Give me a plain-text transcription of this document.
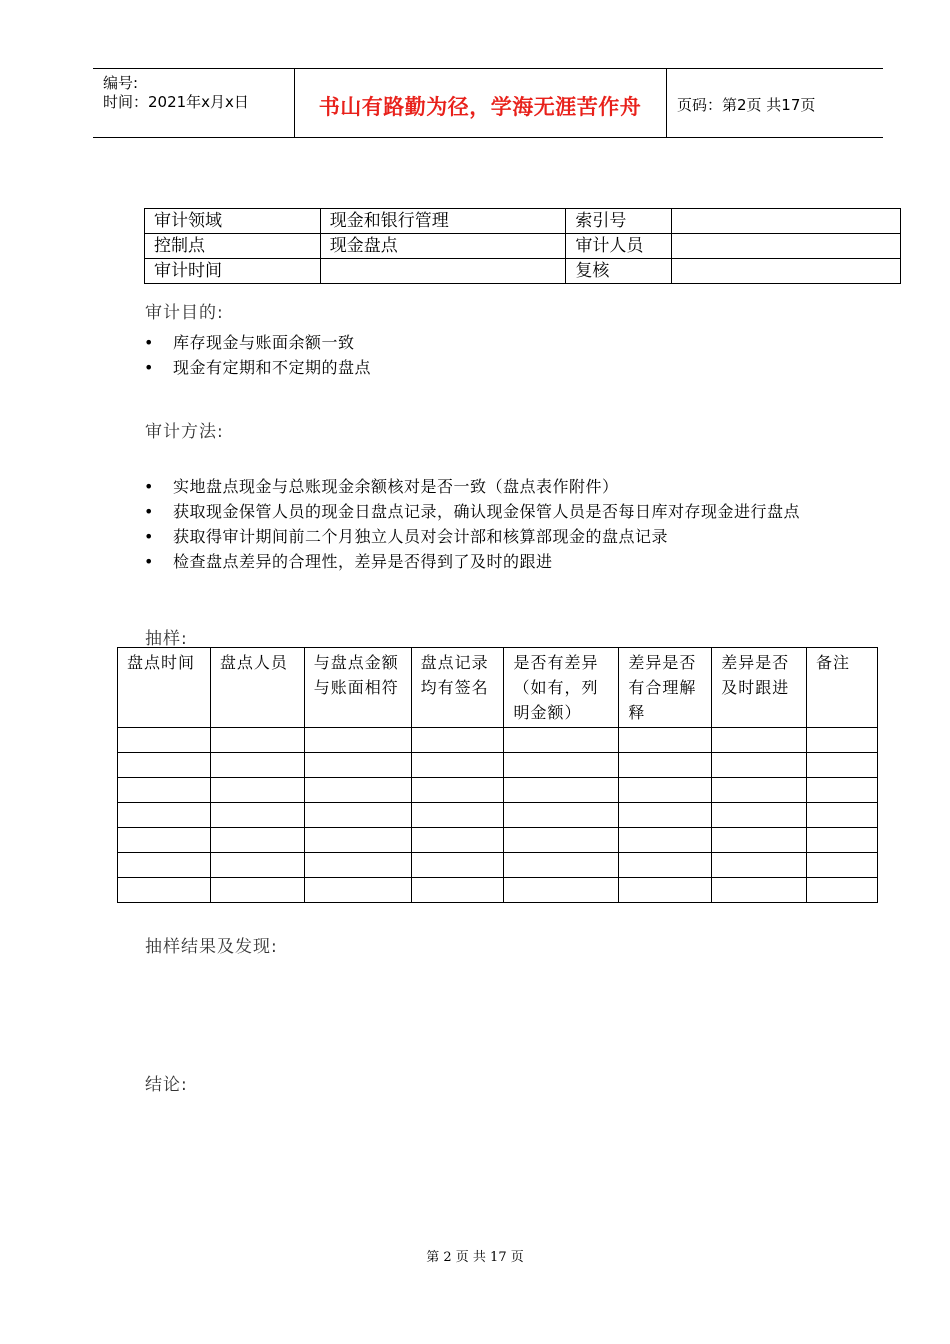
编号:
时间：2021年x月x日	书山有路勤为径，学海无涯苦作舟	页码：第2页 共17页
审计领域	现金和银行管理	索引号	
控制点	现金盘点	审计人员	
审计时间		复核	
审计目的:
• 库存现金与账面余额一致
• 现金有定期和不定期的盘点
审计方法:
• 实地盘点现金与总账现金余额核对是否一致（盘点表作附件）
• 获取现金保管人员的现金日盘点记录，确认现金保管人员是否每日库对存现金进行盘点
• 获取得审计期间前二个月独立人员对会计部和核算部现金的盘点记录
• 检查盘点差异的合理性，差异是否得到了及时的跟进
抽样:
盘点时间	盘点人员	与盘点金额与账面相符	盘点记录均有签名	是否有差异（如有，列明金额）	差异是否有合理解释	差异是否及时跟进	备注

抽样结果及发现:
结论:
第 2 页 共 17 页
